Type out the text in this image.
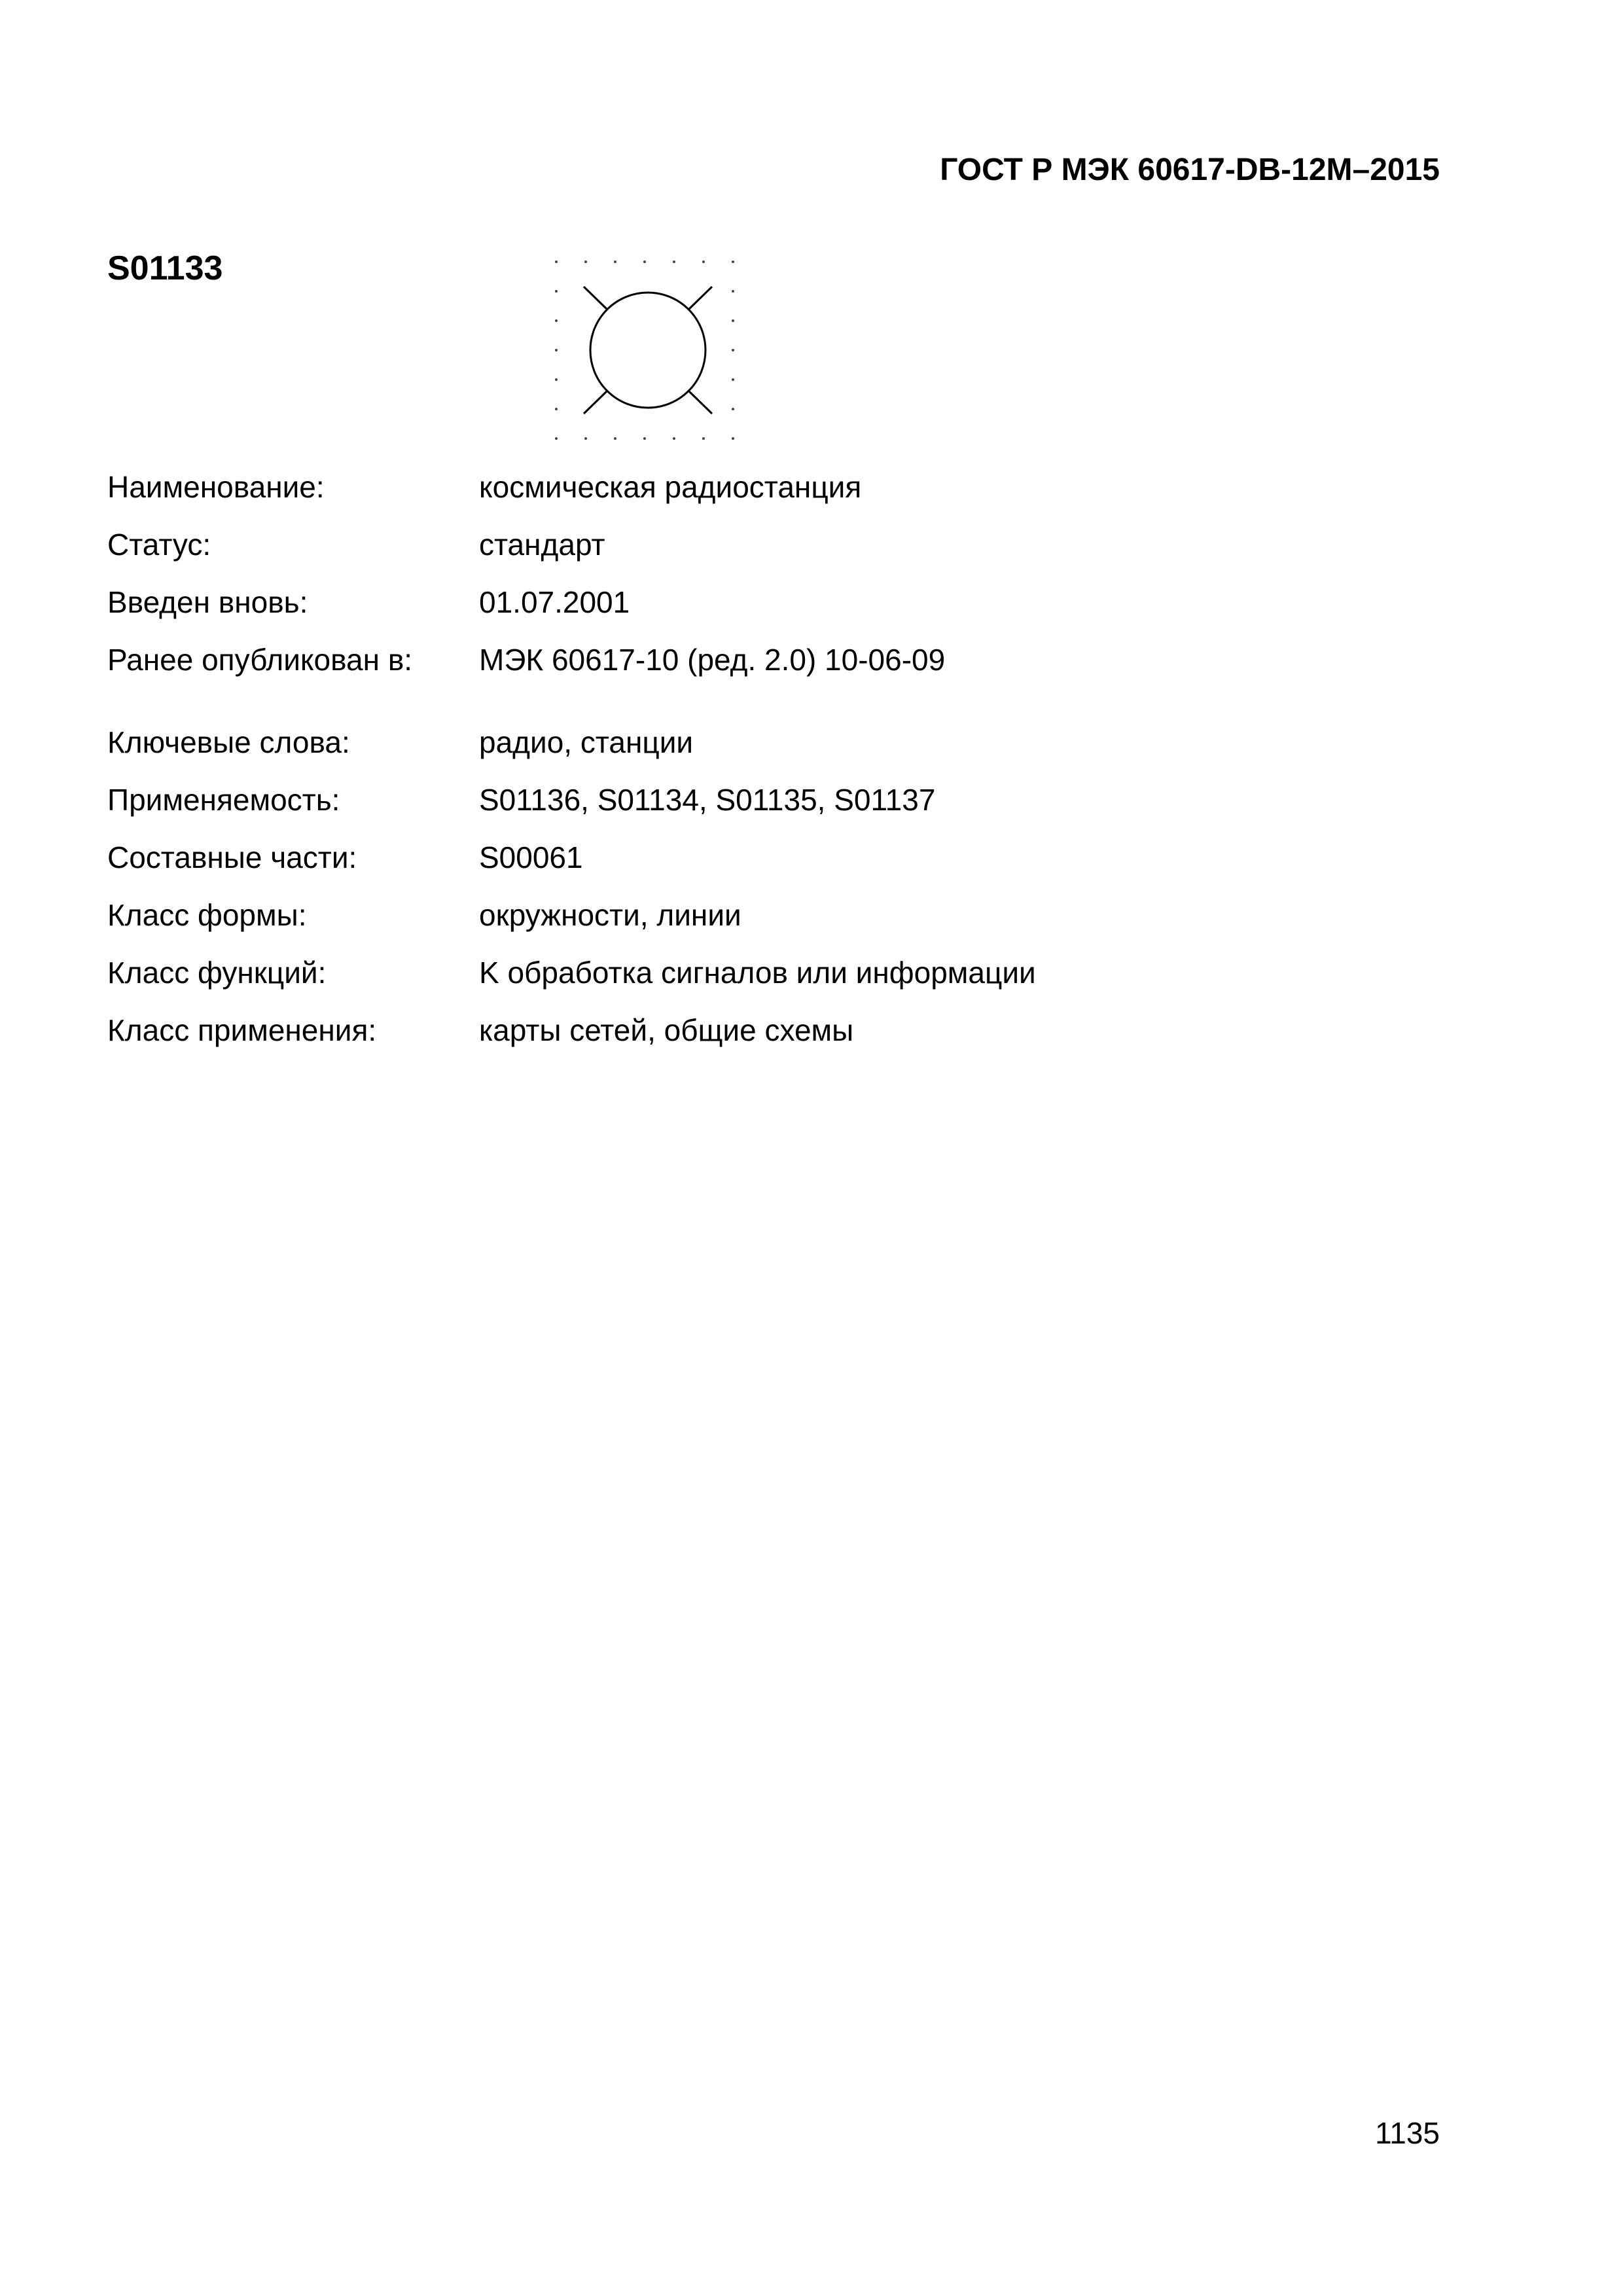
ГОСТ Р МЭК 60617-DB-12М–2015
S01133
Наименование:	космическая радиостанция
Статус:	стандарт
Введен вновь:	01.07.2001
Ранее опубликован в:	МЭК 60617-10 (ред. 2.0) 10-06-09
Ключевые слова:	радио, станции
Применяемость:	S01136, S01134, S01135, S01137
Составные части:	S00061
Класс формы:	окружности, линии
Класс функций:	K обработка сигналов или информации
Класс применения:	карты сетей, общие схемы
1135
